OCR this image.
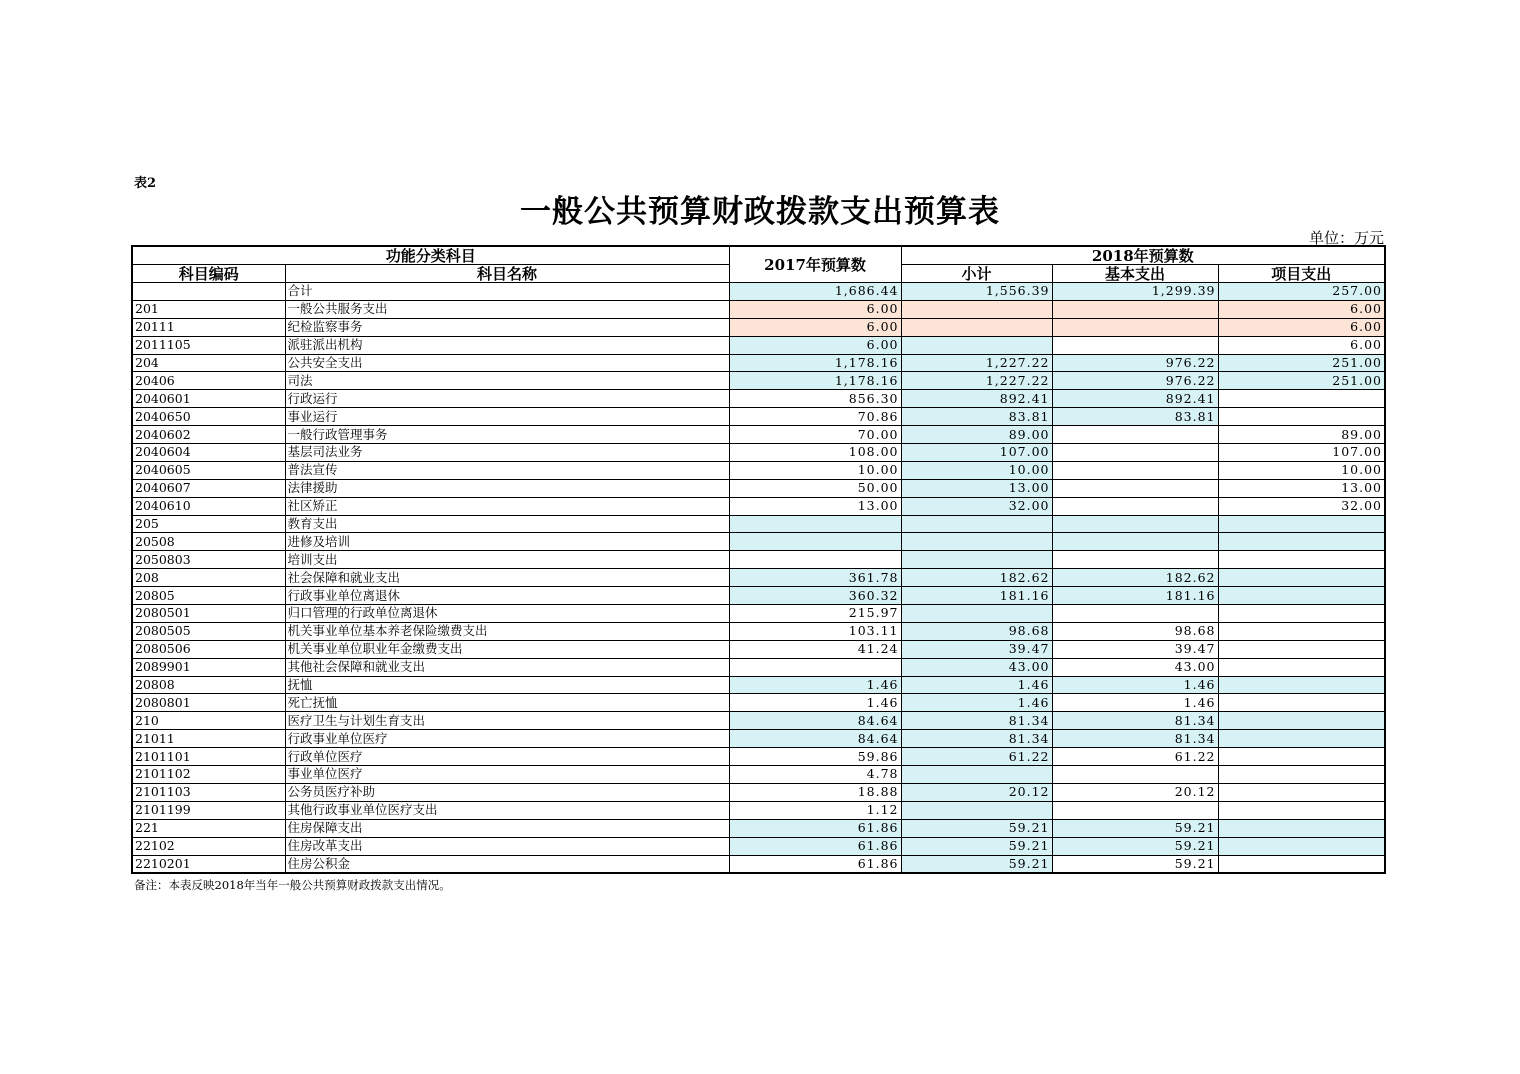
表2
一般公共预算财政拨款支出预算表
单位：万元
功能分类科目		2017年预算数	2018年预算数		
科目编码	科目名称		小计	基本支出	项目支出
	合计	1,686.44	1,556.39	1,299.39	257.00
201	一般公共服务支出	6.00			6.00
20111	纪检监察事务	6.00			6.00
2011105	派驻派出机构	6.00			6.00
204	公共安全支出	1,178.16	1,227.22	976.22	251.00
20406	司法	1,178.16	1,227.22	976.22	251.00
2040601	行政运行	856.30	892.41	892.41	
2040650	事业运行	70.86	83.81	83.81	
2040602	一般行政管理事务	70.00	89.00		89.00
2040604	基层司法业务	108.00	107.00		107.00
2040605	普法宣传	10.00	10.00		10.00
2040607	法律援助	50.00	13.00		13.00
2040610	社区矫正	13.00	32.00		32.00
205	教育支出				
20508	进修及培训				
2050803	培训支出				
208	社会保障和就业支出	361.78	182.62	182.62	
20805	行政事业单位离退休	360.32	181.16	181.16	
2080501	归口管理的行政单位离退休	215.97			
2080505	机关事业单位基本养老保险缴费支出	103.11	98.68	98.68	
2080506	机关事业单位职业年金缴费支出	41.24	39.47	39.47	
2089901	其他社会保障和就业支出		43.00	43.00	
20808	抚恤	1.46	1.46	1.46	
2080801	死亡抚恤	1.46	1.46	1.46	
210	医疗卫生与计划生育支出	84.64	81.34	81.34	
21011	行政事业单位医疗	84.64	81.34	81.34	
2101101	行政单位医疗	59.86	61.22	61.22	
2101102	事业单位医疗	4.78			
2101103	公务员医疗补助	18.88	20.12	20.12	
2101199	其他行政事业单位医疗支出	1.12			
221	住房保障支出	61.86	59.21	59.21	
22102	住房改革支出	61.86	59.21	59.21	
2210201	住房公积金	61.86	59.21	59.21	
备注：本表反映2018年当年一般公共预算财政拨款支出情况。
